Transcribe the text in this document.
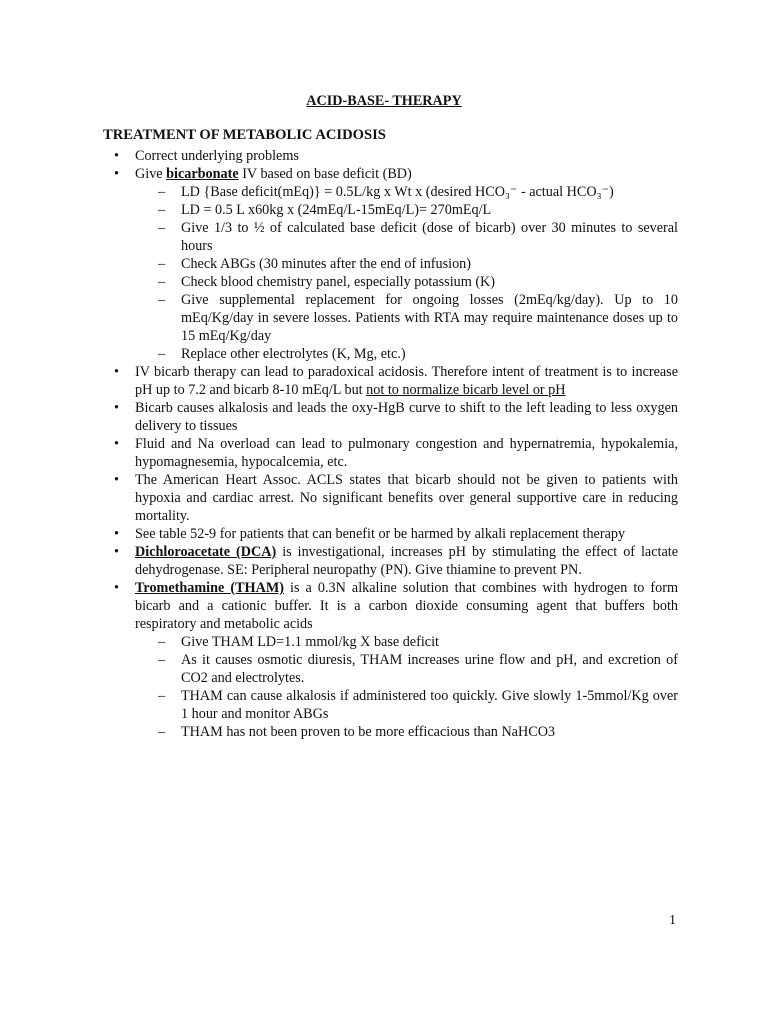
ACID-BASE- THERAPY
TREATMENT OF METABOLIC ACIDOSIS
• Correct underlying problems
• Give bicarbonate IV based on base deficit (BD)
– LD {Base deficit(mEq)} = 0.5L/kg x Wt x (desired HCO₃⁻ - actual HCO₃⁻)
– LD = 0.5 L x60kg x (24mEq/L-15mEq/L)= 270mEq/L
– Give 1/3 to ½ of calculated base deficit (dose of bicarb) over 30 minutes to several hours
– Check ABGs (30 minutes after the end of infusion)
– Check blood chemistry panel, especially potassium (K)
– Give supplemental replacement for ongoing losses (2mEq/kg/day). Up to 10 mEq/Kg/day in severe losses. Patients with RTA may require maintenance doses up to 15 mEq/Kg/day
– Replace other electrolytes (K, Mg, etc.)
• IV bicarb therapy can lead to paradoxical acidosis. Therefore intent of treatment is to increase pH up to 7.2 and bicarb 8-10 mEq/L but not to normalize bicarb level or pH
• Bicarb causes alkalosis and leads the oxy-HgB curve to shift to the left leading to less oxygen delivery to tissues
• Fluid and Na overload can lead to pulmonary congestion and hypernatremia, hypokalemia, hypomagnesemia, hypocalcemia, etc.
• The American Heart Assoc. ACLS states that bicarb should not be given to patients with hypoxia and cardiac arrest. No significant benefits over general supportive care in reducing mortality.
• See table 52-9 for patients that can benefit or be harmed by alkali replacement therapy
• Dichloroacetate (DCA) is investigational, increases pH by stimulating the effect of lactate dehydrogenase. SE: Peripheral neuropathy (PN). Give thiamine to prevent PN.
• Tromethamine (THAM) is a 0.3N alkaline solution that combines with hydrogen to form bicarb and a cationic buffer. It is a carbon dioxide consuming agent that buffers both respiratory and metabolic acids
– Give THAM LD=1.1 mmol/kg X base deficit
– As it causes osmotic diuresis, THAM increases urine flow and pH, and excretion of CO2 and electrolytes.
– THAM can cause alkalosis if administered too quickly. Give slowly 1-5mmol/Kg over 1 hour and monitor ABGs
– THAM has not been proven to be more efficacious than NaHCO3
1
